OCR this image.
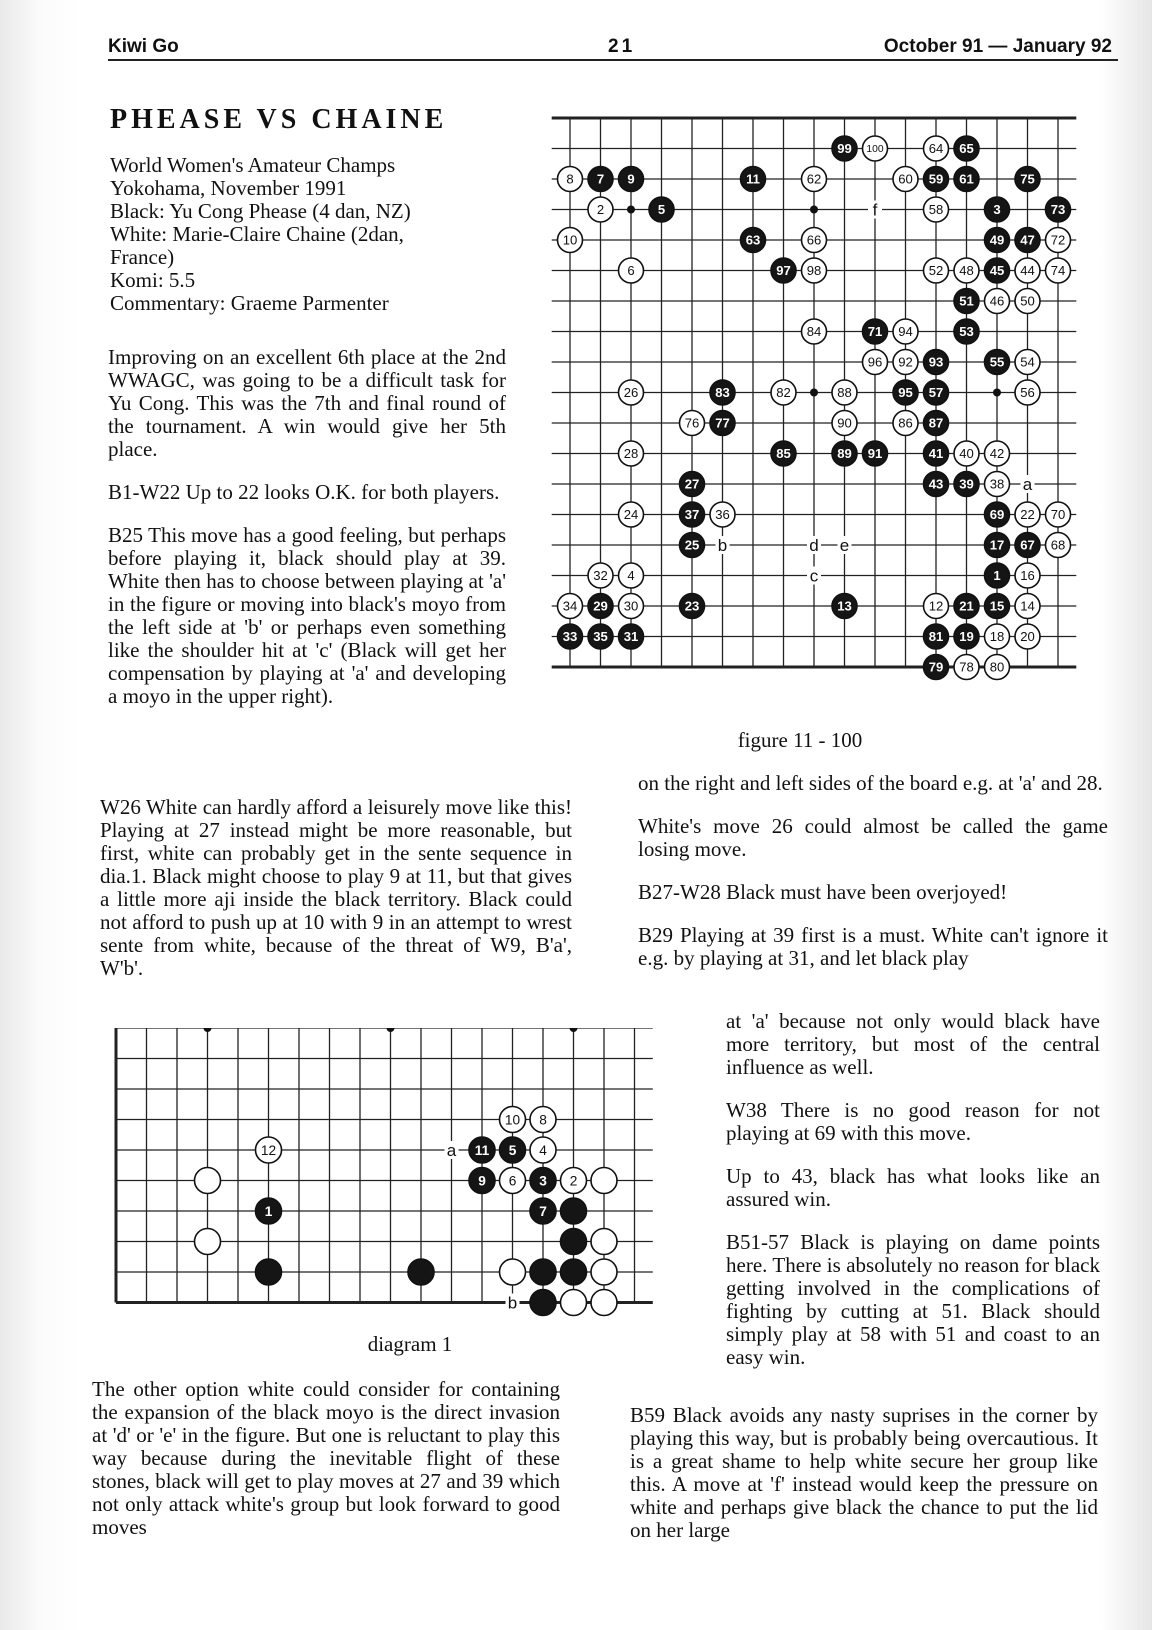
Kiwi Go	21	October 91 — January 92
PHEASE VS CHAINE
World Women's Amateur Champs
Yokohama, November 1991
Black: Yu Cong Phease (4 dan, NZ)
White: Marie-Claire Chaine (2dan,
France)
Komi: 5.5
Commentary: Graeme Parmenter

Improving on an excellent 6th place at the 2nd WWAGC, was going to be a difficult task for Yu Cong. This was the 7th and final round of the tournament. A win would give her 5th place.

B1-W22 Up to 22 looks O.K. for both players.

B25 This move has a good feeling, but perhaps before playing it, black should play at 39. White then has to choose between playing at 'a' in the figure or moving into black's moyo from the left side at 'b' or perhaps even something like the shoulder hit at 'c' (Black will get her compensation by playing at 'a' and developing a moyo in the upper right).

W26 White can hardly afford a leisurely move like this! Playing at 27 instead might be more reasonable, but first, white can probably get in the sente sequence in dia.1. Black might choose to play 9 at 11, but that gives a little more aji inside the black territory. Black could not afford to push up at 10 with 9 in an attempt to wrest sente from white, because of the threat of W9, B'a', W'b'.

f
a
b	d e
c
8 7 9	11	62	60 59 61	75
99 100	64 65
2	5	58	3	73
10	63	66	49 47 72
6	97 98	52 48 45 44 74
51 46 50
84	71 94	53
96 92 93	55 54
26	83	82	88	95 57	56
76 77	90	86 87
28	85	89 91	41 40 42
27	43 39 38
24	37 36	69 22 70
25	17 67 68
32 4	1 16
34 29 30	23	13	12 21 15 14
33 35 31	81 19 18 20
79 78 80
figure 11 - 100

on the right and left sides of the board e.g. at 'a' and 28.

White's move 26 could almost be called the game losing move.

B27-W28 Black must have been overjoyed!

B29 Playing at 39 first is a must. White can't ignore it e.g. by playing at 31, and let black play

at 'a' because not only would black have more territory, but most of the central influence as well.

W38 There is no good reason for not playing at 69 with this move.

Up to 43, black has what looks like an assured win.

B51-57 Black is playing on dame points here. There is absolutely no reason for black getting involved in the complications of fighting by cutting at 51. Black should simply play at 58 with 51 and coast to an easy win.

a
b
10 8
12	11 5 4
9 6 3 2
1	7
diagram 1

The other option white could consider for containing the expansion of the black moyo is the direct invasion at 'd' or 'e' in the figure. But one is reluctant to play this way because during the inevitable flight of these stones, black will get to play moves at 27 and 39 which not only attack white's group but look forward to good moves

B59 Black avoids any nasty suprises in the corner by playing this way, but is probably being overcautious. It is a great shame to help white secure her group like this. A move at 'f' instead would keep the pressure on white and perhaps give black the chance to put the lid on her large
